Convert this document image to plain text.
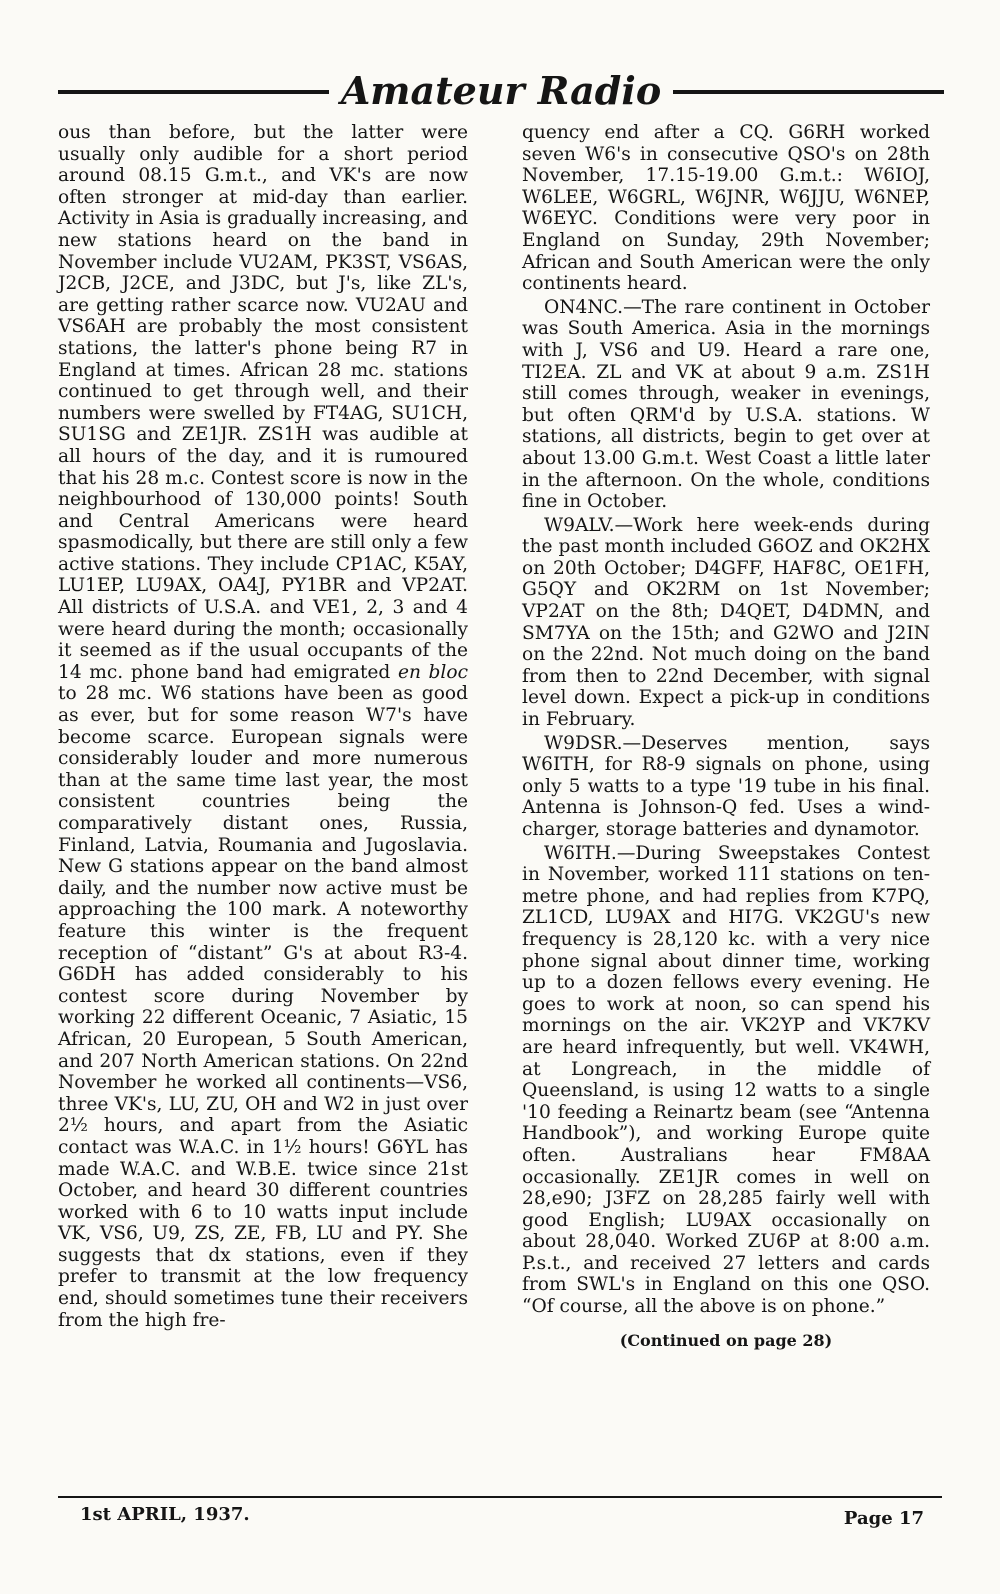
Amateur Radio

ous than before, but the latter were usually only audible for a short period around 08.15 G.m.t., and VK's are now often stronger at mid-day than earlier. Activity in Asia is gradually increasing, and new stations heard on the band in November include VU2AM, PK3ST, VS6AS, J2CB, J2CE, and J3DC, but J's, like ZL's, are getting rather scarce now. VU2AU and VS6AH are probably the most consistent stations, the latter's phone being R7 in England at times. African 28 mc. stations continued to get through well, and their numbers were swelled by FT4AG, SU1CH, SU1SG and ZE1JR. ZS1H was audible at all hours of the day, and it is rumoured that his 28 m.c. Contest score is now in the neighbourhood of 130,000 points! South and Central Americans were heard spasmodically, but there are still only a few active stations. They include CP1AC, K5AY, LU1EP, LU9AX, OA4J, PY1BR and VP2AT. All districts of U.S.A. and VE1, 2, 3 and 4 were heard during the month; occasionally it seemed as if the usual occupants of the 14 mc. phone band had emigrated en bloc to 28 mc. W6 stations have been as good as ever, but for some reason W7's have become scarce. European signals were considerably louder and more numerous than at the same time last year, the most consistent countries being the comparatively distant ones, Russia, Finland, Latvia, Roumania and Jugoslavia. New G stations appear on the band almost daily, and the number now active must be approaching the 100 mark. A noteworthy feature this winter is the frequent reception of “distant” G's at about R3-4. G6DH has added considerably to his contest score during November by working 22 different Oceanic, 7 Asiatic, 15 African, 20 European, 5 South American, and 207 North American stations. On 22nd November he worked all continents—VS6, three VK's, LU, ZU, OH and W2 in just over 2½ hours, and apart from the Asiatic contact was W.A.C. in 1½ hours! G6YL has made W.A.C. and W.B.E. twice since 21st October, and heard 30 different countries worked with 6 to 10 watts input include VK, VS6, U9, ZS, ZE, FB, LU and PY. She suggests that dx stations, even if they prefer to transmit at the low frequency end, should sometimes tune their receivers from the high fre-

quency end after a CQ. G6RH worked seven W6's in consecutive QSO's on 28th November, 17.15-19.00 G.m.t.: W6IOJ, W6LEE, W6GRL, W6JNR, W6JJU, W6NEP, W6EYC. Conditions were very poor in England on Sunday, 29th November; African and South American were the only continents heard.

ON4NC.—The rare continent in October was South America. Asia in the mornings with J, VS6 and U9. Heard a rare one, TI2EA. ZL and VK at about 9 a.m. ZS1H still comes through, weaker in evenings, but often QRM'd by U.S.A. stations. W stations, all districts, begin to get over at about 13.00 G.m.t. West Coast a little later in the afternoon. On the whole, conditions fine in October.

W9ALV.—Work here week-ends during the past month included G6OZ and OK2HX on 20th October; D4GFF, HAF8C, OE1FH, G5QY and OK2RM on 1st November; VP2AT on the 8th; D4QET, D4DMN, and SM7YA on the 15th; and G2WO and J2IN on the 22nd. Not much doing on the band from then to 22nd December, with signal level down. Expect a pick-up in conditions in February.

W9DSR.—Deserves mention, says W6ITH, for R8-9 signals on phone, using only 5 watts to a type '19 tube in his final. Antenna is Johnson-Q fed. Uses a wind-charger, storage batteries and dynamotor.

W6ITH.—During Sweepstakes Contest in November, worked 111 stations on ten-metre phone, and had replies from K7PQ, ZL1CD, LU9AX and HI7G. VK2GU's new frequency is 28,120 kc. with a very nice phone signal about dinner time, working up to a dozen fellows every evening. He goes to work at noon, so can spend his mornings on the air. VK2YP and VK7KV are heard infrequently, but well. VK4WH, at Longreach, in the middle of Queensland, is using 12 watts to a single '10 feeding a Reinartz beam (see “Antenna Handbook”), and working Europe quite often. Australians hear FM8AA occasionally. ZE1JR comes in well on 28,e90; J3FZ on 28,285 fairly well with good English; LU9AX occasionally on about 28,040. Worked ZU6P at 8:00 a.m. P.s.t., and received 27 letters and cards from SWL's in England on this one QSO. “Of course, all the above is on phone.”

(Continued on page 28)
1st APRIL, 1937.	Page 17
